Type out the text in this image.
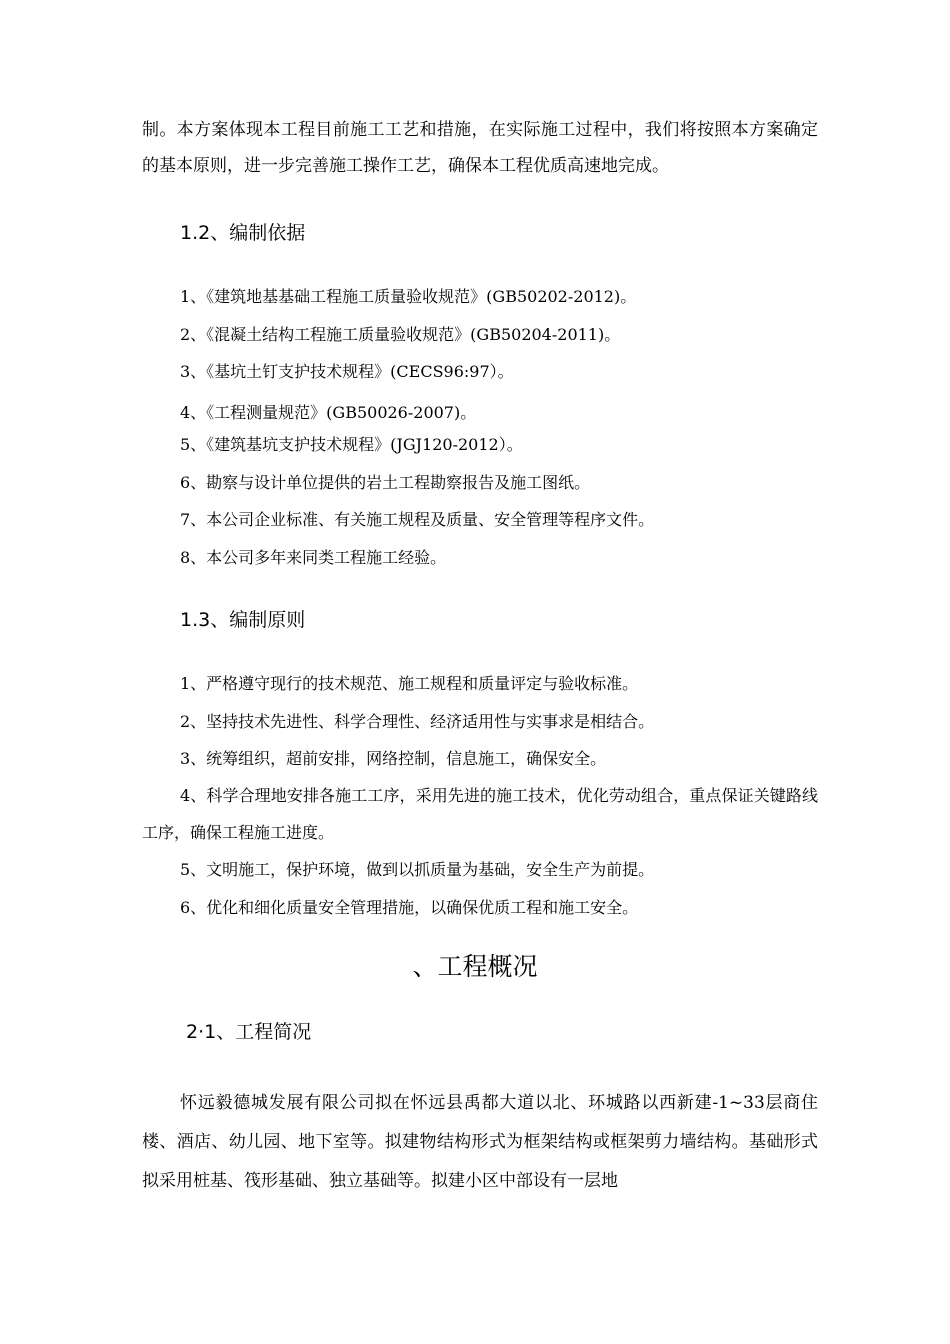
制。本方案体现本工程目前施工工艺和措施，在实际施工过程中，我们将按照本方案确定的基本原则，进一步完善施工操作工艺，确保本工程优质高速地完成。

1.2、编制依据
1、《建筑地基基础工程施工质量验收规范》(GB50202-2012)。
2、《混凝土结构工程施工质量验收规范》(GB50204-2011)。
3、《基坑土钉支护技术规程》(CECS96:97）。
4、《工程测量规范》(GB50026-2007)。
5、《建筑基坑支护技术规程》(JGJ120-2012）。
6、勘察与设计单位提供的岩土工程勘察报告及施工图纸。
7、本公司企业标准、有关施工规程及质量、安全管理等程序文件。
8、本公司多年来同类工程施工经验。
1.3、编制原则
1、严格遵守现行的技术规范、施工规程和质量评定与验收标准。
2、坚持技术先进性、科学合理性、经济适用性与实事求是相结合。
3、统筹组织，超前安排，网络控制，信息施工，确保安全。

4、科学合理地安排各施工工序，采用先进的施工技术，优化劳动组合，重点保证关键路线工序，确保工程施工进度。

5、文明施工，保护环境，做到以抓质量为基础，安全生产为前提。
6、优化和细化质量安全管理措施，以确保优质工程和施工安全。
、工程概况
2·1、工程简况

怀远毅德城发展有限公司拟在怀远县禹都大道以北、环城路以西新建-1~33层商住楼、酒店、幼儿园、地下室等。拟建物结构形式为框架结构或框架剪力墙结构。基础形式拟采用桩基、筏形基础、独立基础等。拟建小区中部设有一层地
